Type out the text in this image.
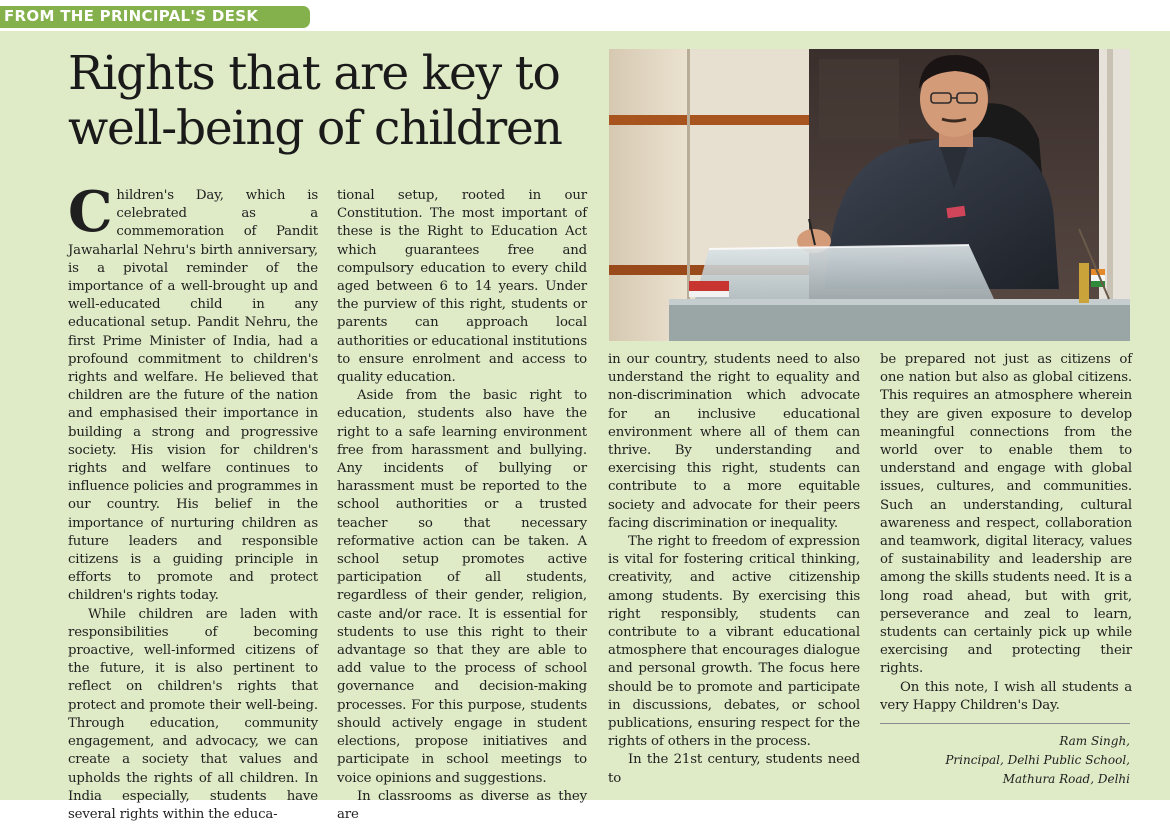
FROM THE PRINCIPAL'S DESK
Rights that are key to
well-being of children

Children's Day, which is celebrated as a commemoration of Pandit Jawaharlal Nehru's birth anniversary, is a pivotal reminder of the importance of a well-brought up and well-educated child in any educational setup. Pandit Nehru, the first Prime Minister of India, had a profound commitment to children's rights and welfare. He believed that children are the future of the nation and emphasised their importance in building a strong and progressive society. His vision for children's rights and welfare continues to influence policies and programmes in our country. His belief in the importance of nurturing children as future leaders and responsible citizens is a guiding principle in efforts to promote and protect children's rights today.

While children are laden with responsibilities of becoming proactive, well-informed citizens of the future, it is also pertinent to reflect on children's rights that protect and promote their well-being. Through education, community engagement, and advocacy, we can create a society that values and upholds the rights of all children. In India especially, students have several rights within the educa-

tional setup, rooted in our Constitution. The most important of these is the Right to Education Act which guarantees free and compulsory education to every child aged between 6 to 14 years. Under the purview of this right, students or parents can approach local authorities or educational institutions to ensure enrolment and access to quality education.

Aside from the basic right to education, students also have the right to a safe learning environment free from harassment and bullying. Any incidents of bullying or harassment must be reported to the school authorities or a trusted teacher so that necessary reformative action can be taken. A school setup promotes active participation of all students, regardless of their gender, religion, caste and/or race. It is essential for students to use this right to their advantage so that they are able to add value to the process of school governance and decision-making processes. For this purpose, students should actively engage in student elections, propose initiatives and participate in school meetings to voice opinions and suggestions.

In classrooms as diverse as they are

in our country, students need to also understand the right to equality and non-discrimination which advocate for an inclusive educational environment where all of them can thrive. By understanding and exercising this right, students can contribute to a more equitable society and advocate for their peers facing discrimination or inequality.

The right to freedom of expression is vital for fostering critical thinking, creativity, and active citizenship among students. By exercising this right responsibly, students can contribute to a vibrant educational atmosphere that encourages dialogue and personal growth. The focus here should be to promote and participate in discussions, debates, or school publications, ensuring respect for the rights of others in the process.

In the 21st century, students need to

be prepared not just as citizens of one nation but also as global citizens. This requires an atmosphere wherein they are given exposure to develop meaningful connections from the world over to enable them to understand and engage with global issues, cultures, and communities. Such an understanding, cultural awareness and respect, collaboration and teamwork, digital literacy, values of sustainability and leadership are among the skills students need. It is a long road ahead, but with grit, perseverance and zeal to learn, students can certainly pick up while exercising and protecting their rights.

On this note, I wish all students a very Happy Children's Day.

Ram Singh,
Principal, Delhi Public School,
Mathura Road, Delhi
